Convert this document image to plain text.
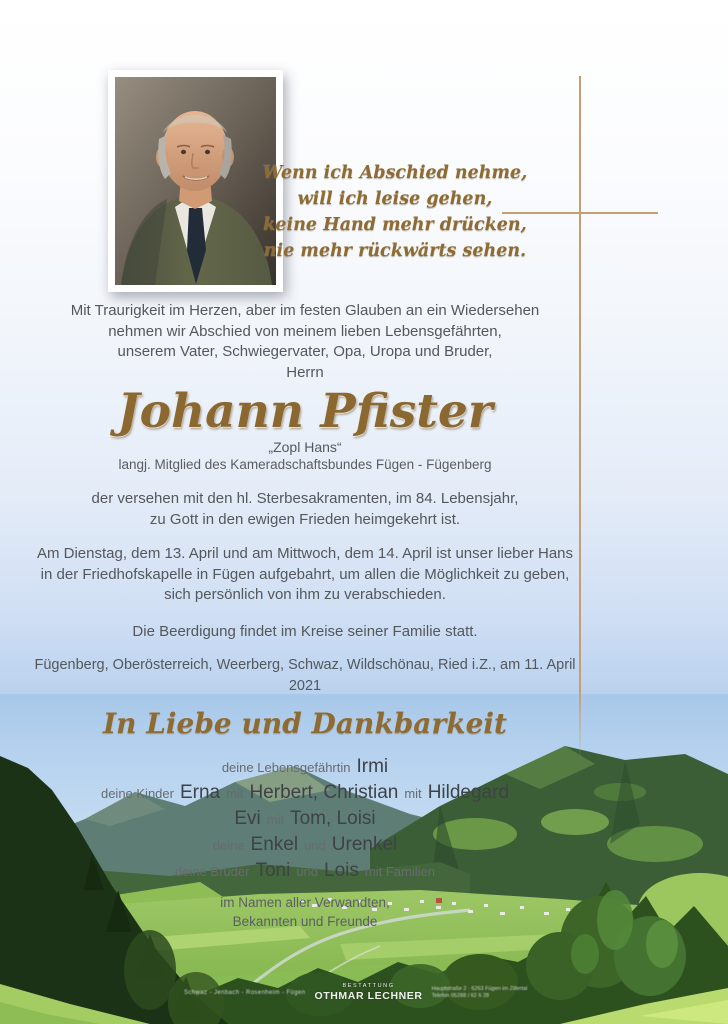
Wenn ich Abschied nehme,
will ich leise gehen,
keine Hand mehr drücken,
nie mehr rückwärts sehen.
Mit Traurigkeit im Herzen, aber im festen Glauben an ein Wiedersehen
nehmen wir Abschied von meinem lieben Lebensgefährten,
unserem Vater, Schwiegervater, Opa, Uropa und Bruder,
Herrn
Johann Pfister
„Zopl Hans“
langj. Mitglied des Kameradschaftsbundes Fügen - Fügenberg
der versehen mit den hl. Sterbesakramenten, im 84. Lebensjahr,
zu Gott in den ewigen Frieden heimgekehrt ist.
Am Dienstag, dem 13. April und am Mittwoch, dem 14. April ist unser lieber Hans
in der Friedhofskapelle in Fügen aufgebahrt, um allen die Möglichkeit zu geben,
sich persönlich von ihm zu verabschieden.
Die Beerdigung findet im Kreise seiner Familie statt.
Fügenberg, Oberösterreich, Weerberg, Schwaz, Wildschönau, Ried i.Z., am 11. April 2021
In Liebe und Dankbarkeit
deine Lebensgefährtin Irmi
deine Kinder Erna mit Herbert, Christian mit Hildegard
Evi mit Tom, Loisi
deine Enkel und Urenkel
deine Brüder Toni und Lois mit Familien
im Namen aller Verwandten,
Bekannten und Freunde
Schwaz - Jenbach - Rosenheim - Fügen
BESTATTUNG
OTHMAR LECHNER
Hauptstraße 2 · 6263 Fügen im Zillertal
Telefon 05288 / 62 6 28
